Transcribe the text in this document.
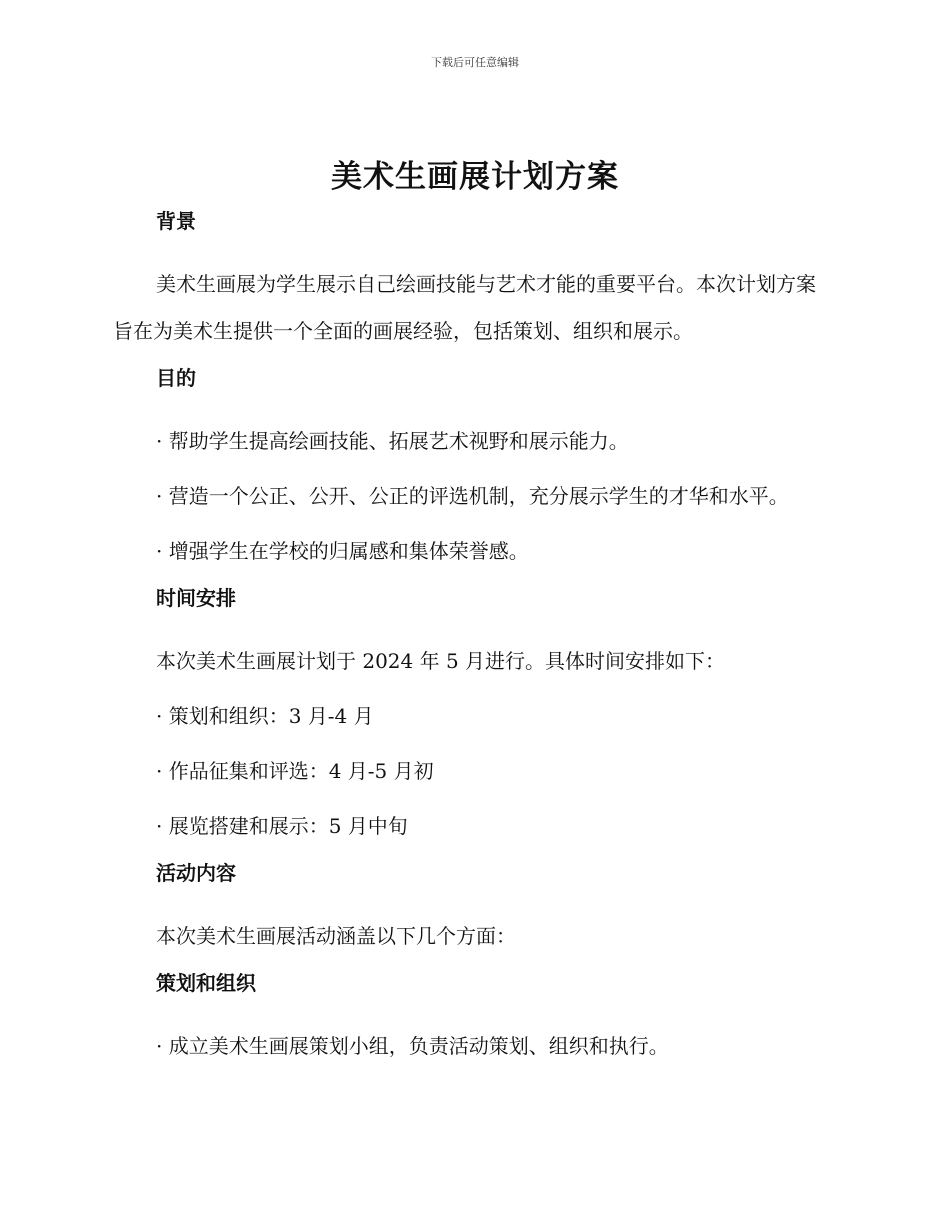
下载后可任意编辑
美术生画展计划方案
背景

美术生画展为学生展示自己绘画技能与艺术才能的重要平台。本次计划方案旨在为美术生提供一个全面的画展经验，包括策划、组织和展示。

目的

· 帮助学生提高绘画技能、拓展艺术视野和展示能力。

· 营造一个公正、公开、公正的评选机制，充分展示学生的才华和水平。

· 增强学生在学校的归属感和集体荣誉感。

时间安排

本次美术生画展计划于 2024 年 5 月进行。具体时间安排如下：

· 策划和组织：3 月-4 月

· 作品征集和评选：4 月-5 月初

· 展览搭建和展示：5 月中旬

活动内容

本次美术生画展活动涵盖以下几个方面：

策划和组织

· 成立美术生画展策划小组，负责活动策划、组织和执行。
